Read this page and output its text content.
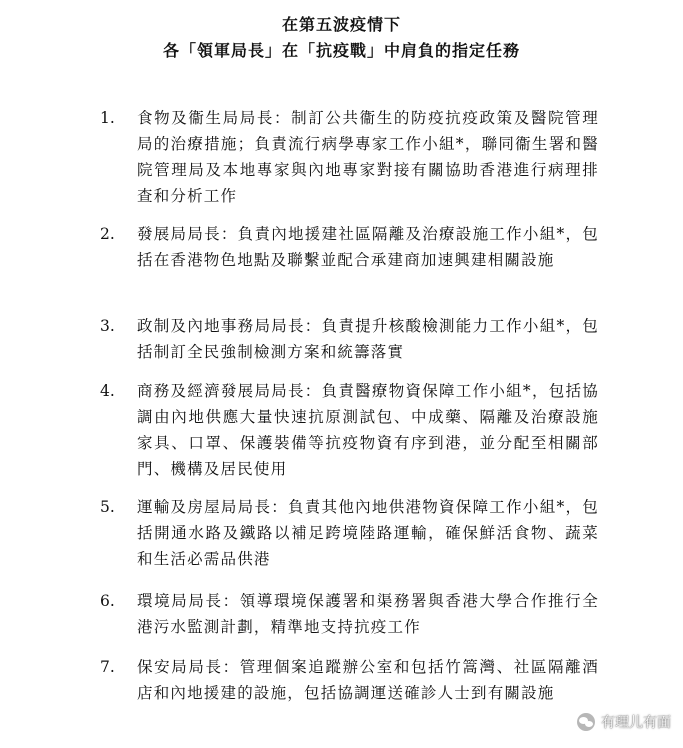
在第五波疫情下
各「領軍局長」在「抗疫戰」中肩負的指定任務
1. 食物及衞生局局長：制訂公共衞生的防疫抗疫政策及醫院管理局的治療措施；負責流行病學專家工作小組*，聯同衞生署和醫院管理局及本地專家與內地專家對接有關協助香港進行病理排查和分析工作
2. 發展局局長：負責內地援建社區隔離及治療設施工作小組*，包括在香港物色地點及聯繫並配合承建商加速興建相關設施
3. 政制及內地事務局局長：負責提升核酸檢測能力工作小組*，包括制訂全民強制檢測方案和統籌落實
4. 商務及經濟發展局局長：負責醫療物資保障工作小組*，包括協調由內地供應大量快速抗原測試包、中成藥、隔離及治療設施家具、口罩、保護裝備等抗疫物資有序到港，並分配至相關部門、機構及居民使用
5. 運輸及房屋局局長：負責其他內地供港物資保障工作小組*，包括開通水路及鐵路以補足跨境陸路運輸，確保鮮活食物、蔬菜和生活必需品供港
6. 環境局局長：領導環境保護署和渠務署與香港大學合作推行全港污水監測計劃，精準地支持抗疫工作
7. 保安局局長：管理個案追蹤辦公室和包括竹篙灣、社區隔離酒店和內地援建的設施，包括協調運送確診人士到有關設施
有理儿有面
